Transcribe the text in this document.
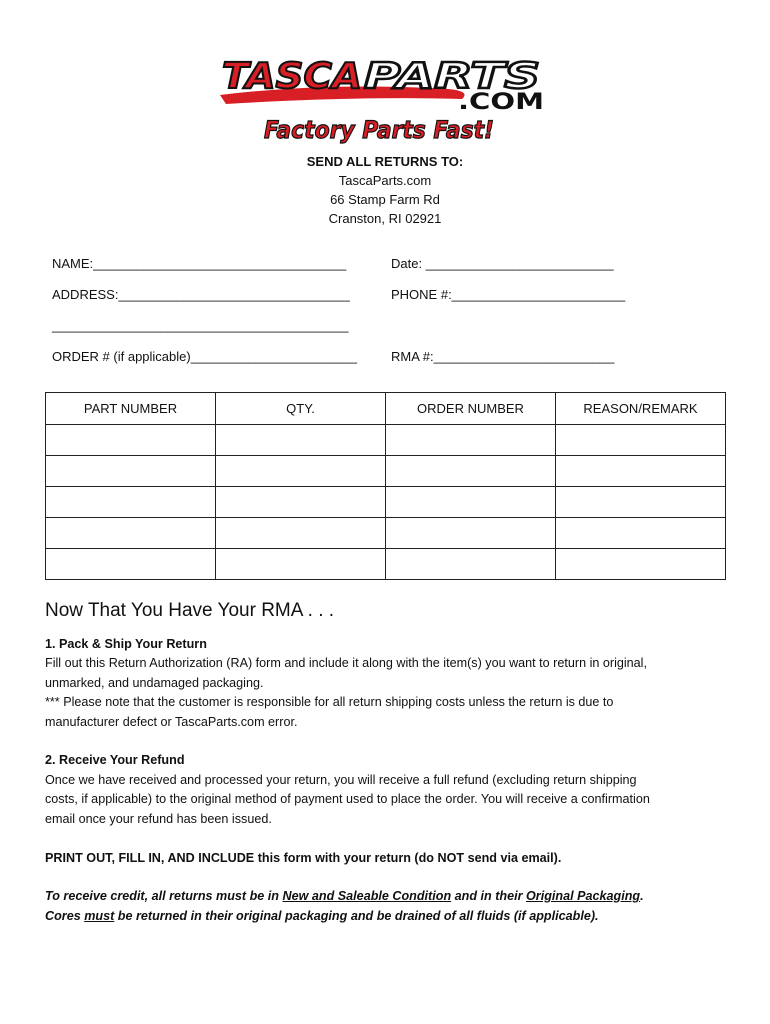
TASCA PARTS
.COM
Factory Parts Fast!
SEND ALL RETURNS TO:
TascaParts.com
66 Stamp Farm Rd
Cranston, RI 02921
NAME:___________________________________	Date: __________________________
ADDRESS:________________________________	PHONE #:________________________
_________________________________________
ORDER # (if applicable)_______________________	RMA #:_________________________
PART NUMBER	QTY.	ORDER NUMBER	REASON/REMARK

Now That You Have Your RMA . . .
1. Pack & Ship Your Return
Fill out this Return Authorization (RA) form and include it along with the item(s) you want to return in original,
unmarked, and undamaged packaging.
*** Please note that the customer is responsible for all return shipping costs unless the return is due to
manufacturer defect or TascaParts.com error.
2. Receive Your Refund
Once we have received and processed your return, you will receive a full refund (excluding return shipping
costs, if applicable) to the original method of payment used to place the order. You will receive a confirmation
email once your refund has been issued.
PRINT OUT, FILL IN, AND INCLUDE this form with your return (do NOT send via email).
To receive credit, all returns must be in New and Saleable Condition and in their Original Packaging.
Cores must be returned in their original packaging and be drained of all fluids (if applicable).
